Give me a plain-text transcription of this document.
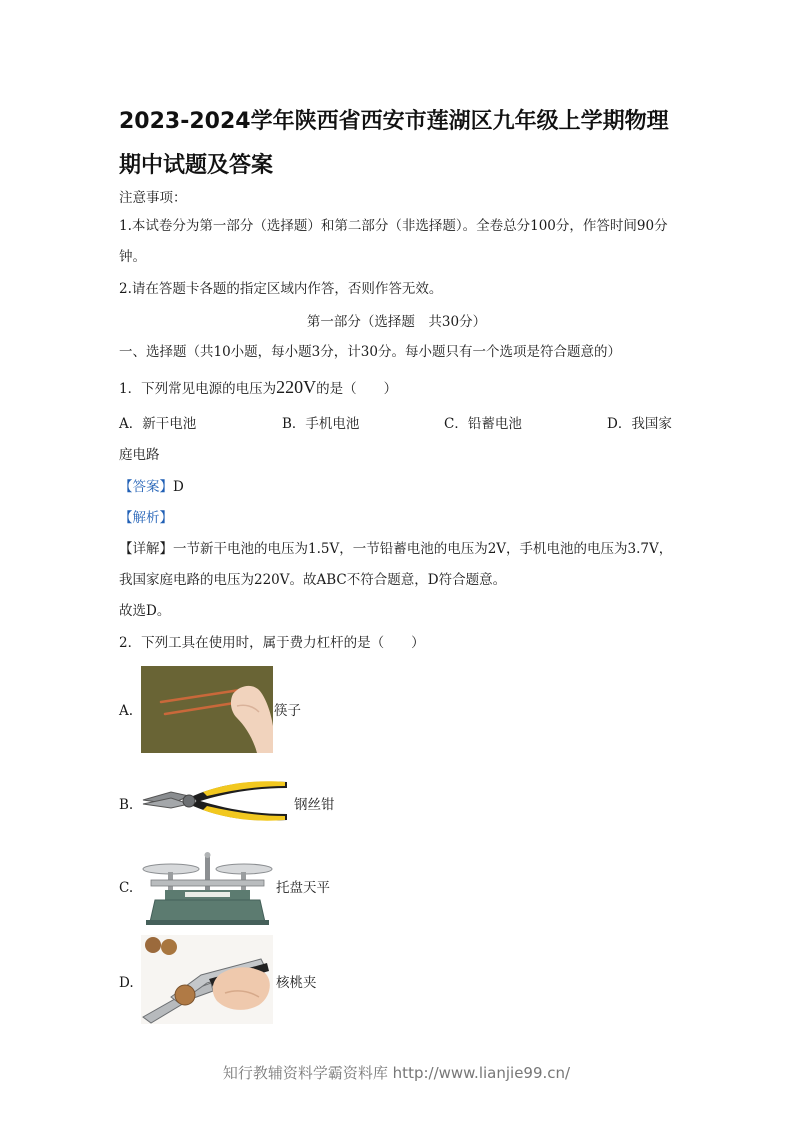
2023-2024学年陕西省西安市莲湖区九年级上学期物理期中试题及答案
注意事项：
1.本试卷分为第一部分（选择题）和第二部分（非选择题）。全卷总分100分，作答时间90分钟。
2.请在答题卡各题的指定区域内作答，否则作答无效。
第一部分（选择题　共30分）
一、选择题（共10小题，每小题3分，计30分。每小题只有一个选项是符合题意的）
1．下列常见电源的电压为220V的是（　　）
A．新干电池	B．手机电池	C．铅蓄电池	D．我国家
庭电路
【答案】D
【解析】
【详解】一节新干电池的电压为1.5V，一节铅蓄电池的电压为2V，手机电池的电压为3.7V，我国家庭电路的电压为220V。故ABC不符合题意，D符合题意。
故选D。
2．下列工具在使用时，属于费力杠杆的是（　　）
A.	筷子
B.	钢丝钳
C.	托盘天平
D.	核桃夹
知行教辅资料学霸资料库 http://www.lianjie99.cn/
